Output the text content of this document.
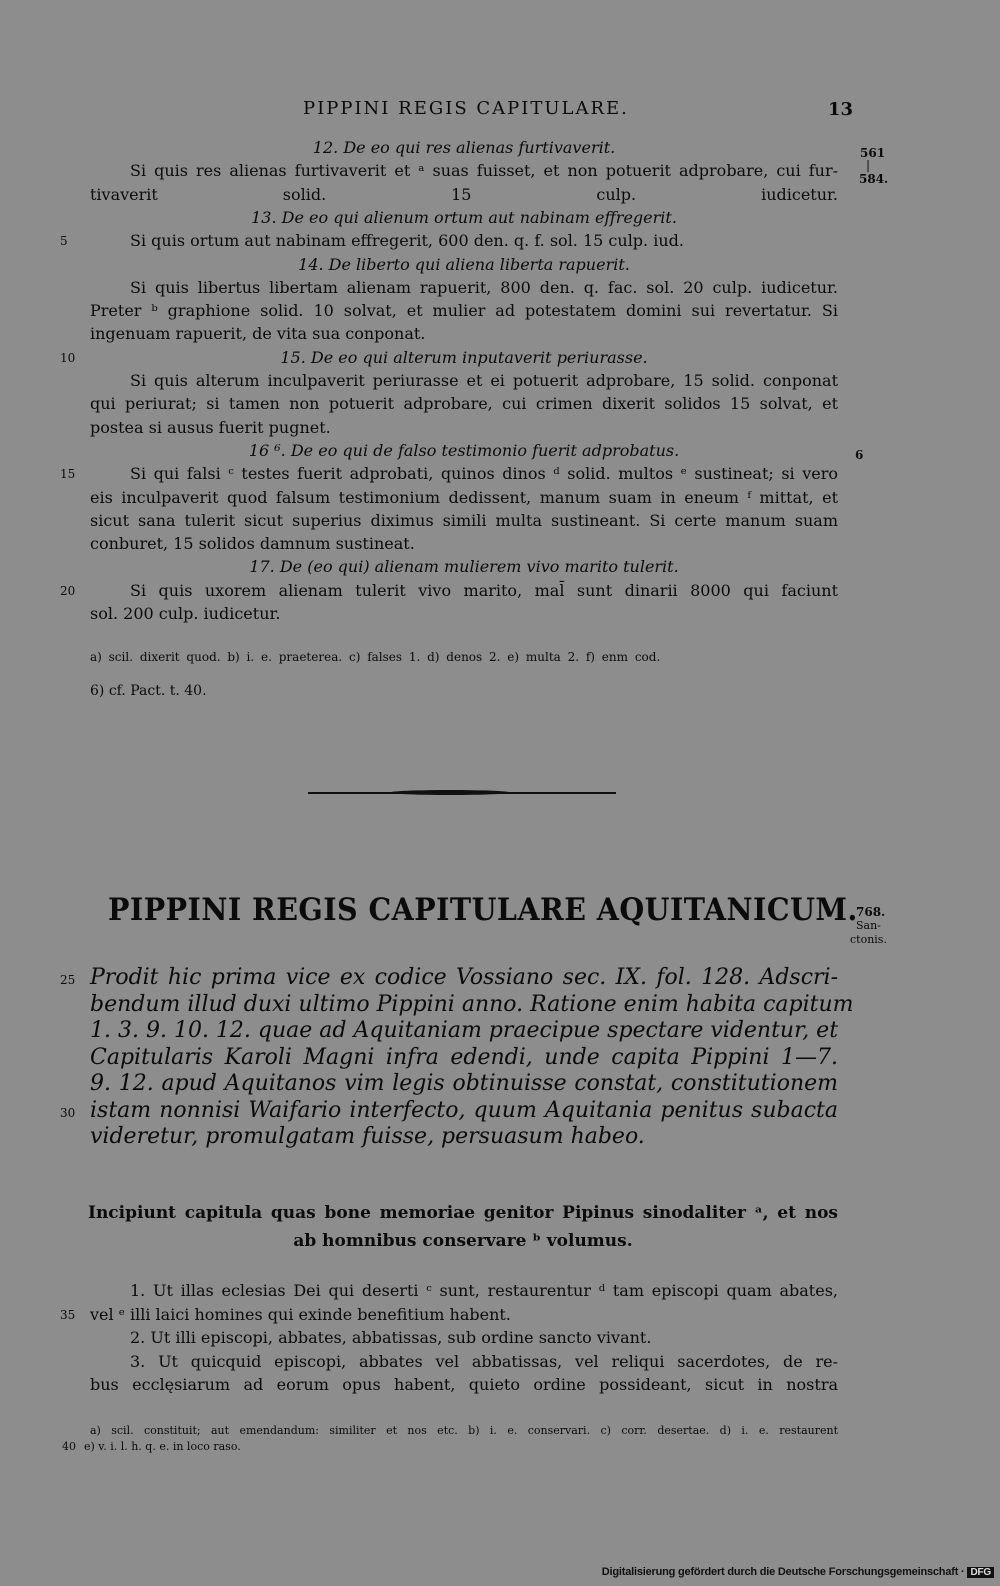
PIPPINI REGIS CAPITULARE.	13
561
|
584.
6
12. De eo qui res alienas furtivaverit.
Si quis res alienas furtivaverit et ᵃ suas fuisset, et non potuerit adprobare, cui fur-
tivaverit solid. 15 culp. iudicetur.
13. De eo qui alienum ortum aut nabinam effregerit.
5	Si quis ortum aut nabinam effregerit, 600 den. q. f. sol. 15 culp. iud.
14. De liberto qui aliena liberta rapuerit.
Si quis libertus libertam alienam rapuerit, 800 den. q. fac. sol. 20 culp. iudicetur.
Preter ᵇ graphione solid. 10 solvat, et mulier ad potestatem domini sui revertatur. Si
ingenuam rapuerit, de vita sua conponat.
10	15. De eo qui alterum inputaverit periurasse.
Si quis alterum inculpaverit periurasse et ei potuerit adprobare, 15 solid. conponat
qui periurat; si tamen non potuerit adprobare, cui crimen dixerit solidos 15 solvat, et
postea si ausus fuerit pugnet.
16 ⁶. De eo qui de falso testimonio fuerit adprobatus.
15	Si qui falsi ᶜ testes fuerit adprobati, quinos dinos ᵈ solid. multos ᵉ sustineat; si vero
eis inculpaverit quod falsum testimonium dedissent, manum suam in eneum ᶠ mittat, et
sicut sana tulerit sicut superius diximus simili multa sustineant. Si certe manum suam
conburet, 15 solidos damnum sustineat.
17. De (eo qui) alienam mulierem vivo marito tulerit.
20	Si quis uxorem alienam tulerit vivo marito, mal̄ sunt dinarii 8000 qui faciunt
sol. 200 culp. iudicetur.
a) scil. dixerit quod. b) i. e. praeterea. c) falses 1. d) denos 2. e) multa 2. f) enm cod.
6) cf. Pact. t. 40.
PIPPINI REGIS CAPITULARE AQUITANICUM.
768.
San-
ctonis.
25 Prodit hic prima vice ex codice Vossiano sec. IX. fol. 128. Adscri-
bendum illud duxi ultimo Pippini anno. Ratione enim habita capitum
1. 3. 9. 10. 12. quae ad Aquitaniam praecipue spectare videntur, et
Capitularis Karoli Magni infra edendi, unde capita Pippini 1—7.
9. 12. apud Aquitanos vim legis obtinuisse constat, constitutionem
30 istam nonnisi Waifario interfecto, quum Aquitania penitus subacta
videretur, promulgatam fuisse, persuasum habeo.
Incipiunt capitula quas bone memoriae genitor Pipinus sinodaliter ᵃ, et nos
ab homnibus conservare ᵇ volumus.
1. Ut illas eclesias Dei qui deserti ᶜ sunt, restaurentur ᵈ tam episcopi quam abates,
35 vel ᵉ illi laici homines qui exinde benefitium habent.
2. Ut illi episcopi, abbates, abbatissas, sub ordine sancto vivant.
3. Ut quicquid episcopi, abbates vel abbatissas, vel reliqui sacerdotes, de re-
bus ecclęsiarum ad eorum opus habent, quieto ordine possideant, sicut in nostra
a) scil. constituit; aut emendandum: similiter et nos etc. b) i. e. conservari. c) corr. desertae. d) i. e. restaurent
40 e) v. i. l. h. q. e. in loco raso.
Digitalisierung gefördert durch die Deutsche Forschungsgemeinschaft · DFG
